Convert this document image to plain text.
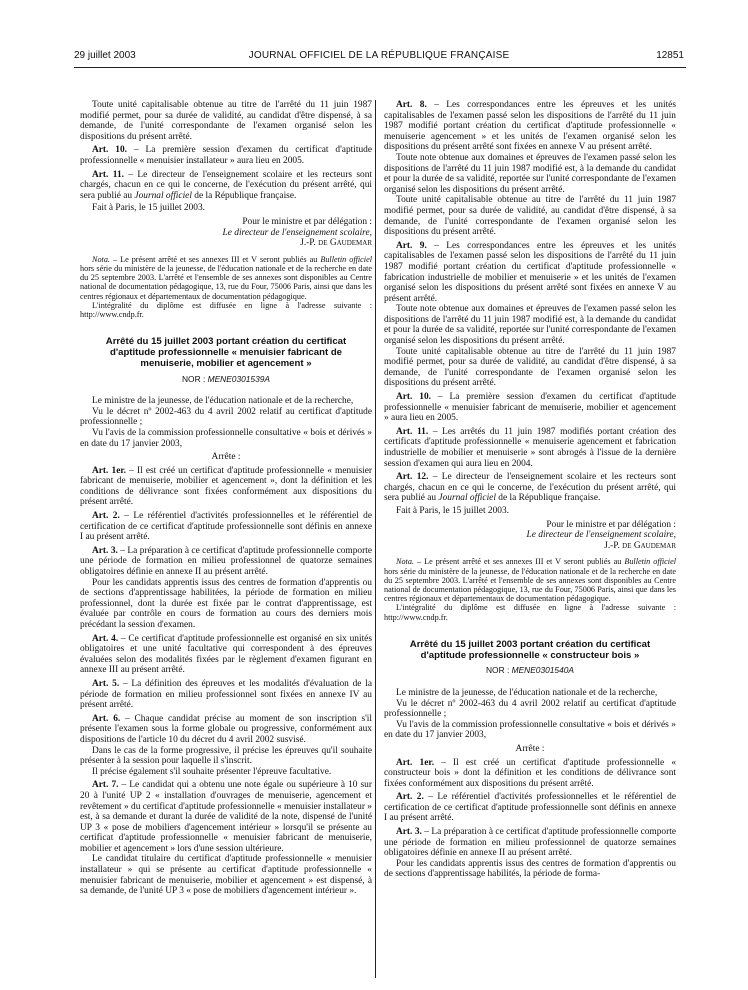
29 juillet 2003	JOURNAL OFFICIEL DE LA RÉPUBLIQUE FRANÇAISE	12851

Toute unité capitalisable obtenue au titre de l'arrêté du 11 juin 1987 modifié permet, pour sa durée de validité, au candidat d'être dispensé, à sa demande, de l'unité correspondante de l'examen organisé selon les dispositions du présent arrêté.

Art. 10. – La première session d'examen du certificat d'aptitude professionnelle « menuisier installateur » aura lieu en 2005.

Art. 11. – Le directeur de l'enseignement scolaire et les recteurs sont chargés, chacun en ce qui le concerne, de l'exécution du présent arrêté, qui sera publié au Journal officiel de la République française.

Fait à Paris, le 15 juillet 2003.

Pour le ministre et par délégation :
Le directeur de l'enseignement scolaire,
J.-P. de Gaudemar

Nota. – Le présent arrêté et ses annexes III et V seront publiés au Bulletin officiel hors série du ministère de la jeunesse, de l'éducation nationale et de la recherche en date du 25 septembre 2003. L'arrêté et l'ensemble de ses annexes sont disponibles au Centre national de documentation pédagogique, 13, rue du Four, 75006 Paris, ainsi que dans les centres régionaux et départementaux de documentation pédagogique.

L'intégralité du diplôme est diffusée en ligne à l'adresse suivante : http://www.cndp.fr.

Arrêté du 15 juillet 2003 portant création du certificat d'aptitude professionnelle « menuisier fabricant de menuiserie, mobilier et agencement »
NOR : MENE0301539A

Le ministre de la jeunesse, de l'éducation nationale et de la recherche,

Vu le décret nº 2002-463 du 4 avril 2002 relatif au certificat d'aptitude professionnelle ;

Vu l'avis de la commission professionnelle consultative « bois et dérivés » en date du 17 janvier 2003,

Arrête :

Art. 1er. – Il est créé un certificat d'aptitude professionnelle « menuisier fabricant de menuiserie, mobilier et agencement », dont la définition et les conditions de délivrance sont fixées conformément aux dispositions du présent arrêté.

Art. 2. – Le référentiel d'activités professionnelles et le référentiel de certification de ce certificat d'aptitude professionnelle sont définis en annexe I au présent arrêté.

Art. 3. – La préparation à ce certificat d'aptitude professionnelle comporte une période de formation en milieu professionnel de quatorze semaines obligatoires définie en annexe II au présent arrêté.

Pour les candidats apprentis issus des centres de formation d'apprentis ou de sections d'apprentissage habilitées, la période de formation en milieu professionnel, dont la durée est fixée par le contrat d'apprentissage, est évaluée par contrôle en cours de formation au cours des derniers mois précédant la session d'examen.

Art. 4. – Ce certificat d'aptitude professionnelle est organisé en six unités obligatoires et une unité facultative qui correspondent à des épreuves évaluées selon des modalités fixées par le règlement d'examen figurant en annexe III au présent arrêté.

Art. 5. – La définition des épreuves et les modalités d'évaluation de la période de formation en milieu professionnel sont fixées en annexe IV au présent arrêté.

Art. 6. – Chaque candidat précise au moment de son inscription s'il présente l'examen sous la forme globale ou progressive, conformément aux dispositions de l'article 10 du décret du 4 avril 2002 susvisé.

Dans le cas de la forme progressive, il précise les épreuves qu'il souhaite présenter à la session pour laquelle il s'inscrit.

Il précise également s'il souhaite présenter l'épreuve facultative.

Art. 7. – Le candidat qui a obtenu une note égale ou supérieure à 10 sur 20 à l'unité UP 2 « installation d'ouvrages de menuiserie, agencement et revêtement » du certificat d'aptitude professionnelle « menuisier installateur » est, à sa demande et durant la durée de validité de la note, dispensé de l'unité UP 3 « pose de mobiliers d'agencement intérieur » lorsqu'il se présente au certificat d'aptitude professionnelle « menuisier fabricant de menuiserie, mobilier et agencement » lors d'une session ultérieure.

Le candidat titulaire du certificat d'aptitude professionnelle « menuisier installateur » qui se présente au certificat d'aptitude professionnelle « menuisier fabricant de menuiserie, mobilier et agencement » est dispensé, à sa demande, de l'unité UP 3 « pose de mobiliers d'agencement intérieur ».

Art. 8. – Les correspondances entre les épreuves et les unités capitalisables de l'examen passé selon les dispositions de l'arrêté du 11 juin 1987 modifié portant création du certificat d'aptitude professionnelle « menuiserie agencement » et les unités de l'examen organisé selon les dispositions du présent arrêté sont fixées en annexe V au présent arrêté.

Toute note obtenue aux domaines et épreuves de l'examen passé selon les dispositions de l'arrêté du 11 juin 1987 modifié est, à la demande du candidat et pour la durée de sa validité, reportée sur l'unité correspondante de l'examen organisé selon les dispositions du présent arrêté.

Toute unité capitalisable obtenue au titre de l'arrêté du 11 juin 1987 modifié permet, pour sa durée de validité, au candidat d'être dispensé, à sa demande, de l'unité correspondante de l'examen organisé selon les dispositions du présent arrêté.

Art. 9. – Les correspondances entre les épreuves et les unités capitalisables de l'examen passé selon les dispositions de l'arrêté du 11 juin 1987 modifié portant création du certificat d'aptitude professionnelle « fabrication industrielle de mobilier et menuiserie » et les unités de l'examen organisé selon les dispositions du présent arrêté sont fixées en annexe V au présent arrêté.

Toute note obtenue aux domaines et épreuves de l'examen passé selon les dispositions de l'arrêté du 11 juin 1987 modifié est, à la demande du candidat et pour la durée de sa validité, reportée sur l'unité correspondante de l'examen organisé selon les dispositions du présent arrêté.

Toute unité capitalisable obtenue au titre de l'arrêté du 11 juin 1987 modifié permet, pour sa durée de validité, au candidat d'être dispensé, à sa demande, de l'unité correspondante de l'examen organisé selon les dispositions du présent arrêté.

Art. 10. – La première session d'examen du certificat d'aptitude professionnelle « menuisier fabricant de menuiserie, mobilier et agencement » aura lieu en 2005.

Art. 11. – Les arrêtés du 11 juin 1987 modifiés portant création des certificats d'aptitude professionnelle « menuiserie agencement et fabrication industrielle de mobilier et menuiserie » sont abrogés à l'issue de la dernière session d'examen qui aura lieu en 2004.

Art. 12. – Le directeur de l'enseignement scolaire et les recteurs sont chargés, chacun en ce qui le concerne, de l'exécution du présent arrêté, qui sera publié au Journal officiel de la République française.

Fait à Paris, le 15 juillet 2003.

Pour le ministre et par délégation :
Le directeur de l'enseignement scolaire,
J.-P. de Gaudemar

Nota. – Le présent arrêté et ses annexes III et V seront publiés au Bulletin officiel hors série du ministère de la jeunesse, de l'éducation nationale et de la recherche en date du 25 septembre 2003. L'arrêté et l'ensemble de ses annexes sont disponibles au Centre national de documentation pédagogique, 13, rue du Four, 75006 Paris, ainsi que dans les centres régionaux et départementaux de documentation pédagogique.

L'intégralité du diplôme est diffusée en ligne à l'adresse suivante : http://www.cndp.fr.

Arrêté du 15 juillet 2003 portant création du certificat d'aptitude professionnelle « constructeur bois »
NOR : MENE0301540A

Le ministre de la jeunesse, de l'éducation nationale et de la recherche,

Vu le décret nº 2002-463 du 4 avril 2002 relatif au certificat d'aptitude professionnelle ;

Vu l'avis de la commission professionnelle consultative « bois et dérivés » en date du 17 janvier 2003,

Arrête :

Art. 1er. – Il est créé un certificat d'aptitude professionnelle « constructeur bois » dont la définition et les conditions de délivrance sont fixées conformément aux dispositions du présent arrêté.

Art. 2. – Le référentiel d'activités professionnelles et le référentiel de certification de ce certificat d'aptitude professionnelle sont définis en annexe I au présent arrêté.

Art. 3. – La préparation à ce certificat d'aptitude professionnelle comporte une période de formation en milieu professionnel de quatorze semaines obligatoires définie en annexe II au présent arrêté.

Pour les candidats apprentis issus des centres de formation d'apprentis ou de sections d'apprentissage habilités, la période de forma-
